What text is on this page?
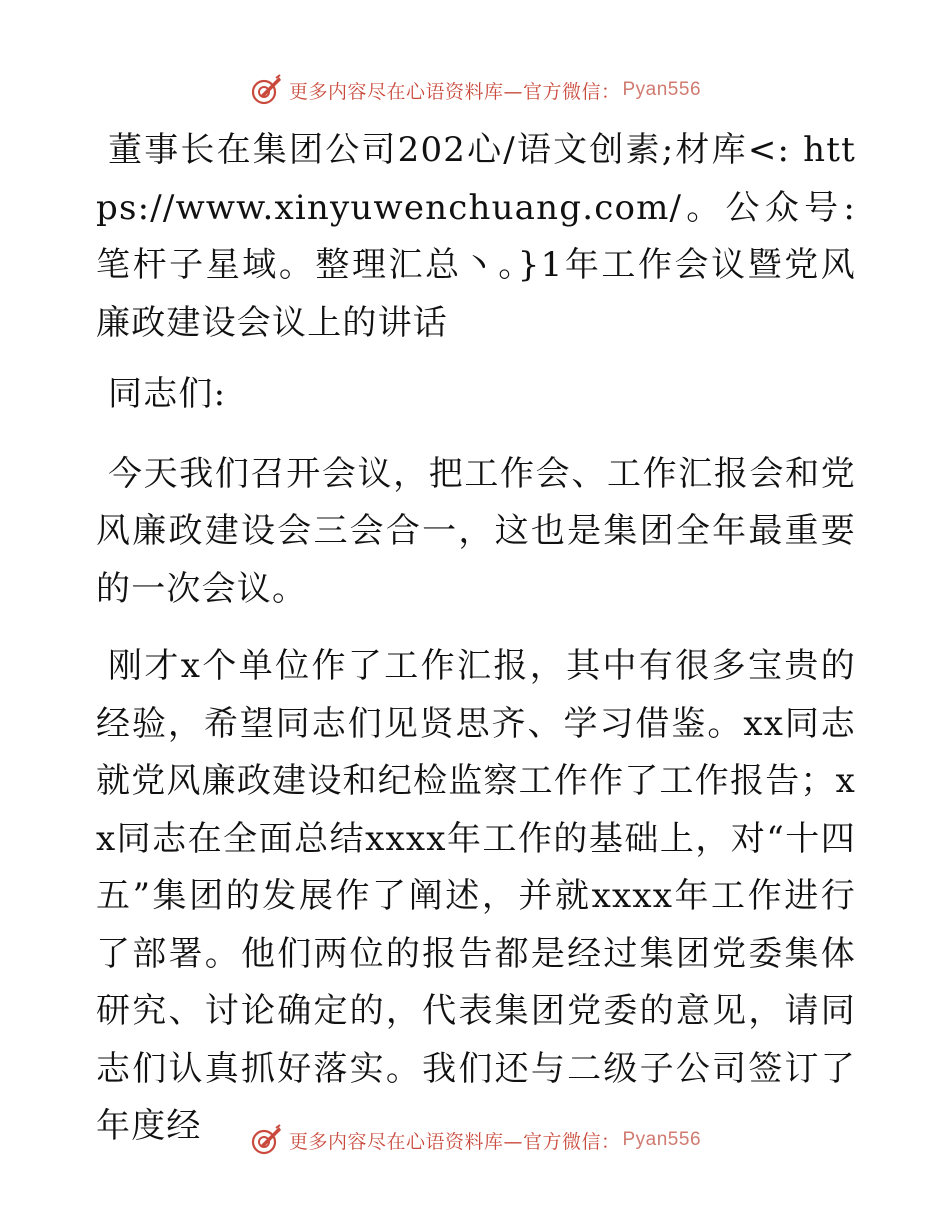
更多内容尽在心语资料库—官方微信： Pyan556

董事长在集团公司202心/语文创素;材库<: https://www.xinyuwenchuang.com/。公众号: 笔杆子星域。整理汇总丶。}1年工作会议暨党风廉政建设会议上的讲话

同志们:

今天我们召开会议，把工作会、工作汇报会和党风廉政建设会三会合一，这也是集团全年最重要的一次会议。

刚才x个单位作了工作汇报，其中有很多宝贵的经验，希望同志们见贤思齐、学习借鉴。xx同志就党风廉政建设和纪检监察工作作了工作报告；xx同志在全面总结xxxx年工作的基础上，对“十四五”集团的发展作了阐述，并就xxxx年工作进行了部署。他们两位的报告都是经过集团党委集体研究、讨论确定的，代表集团党委的意见，请同志们认真抓好落实。我们还与二级子公司签订了年度经	更多内容尽在心语资料库—官方微信： Pyan556
